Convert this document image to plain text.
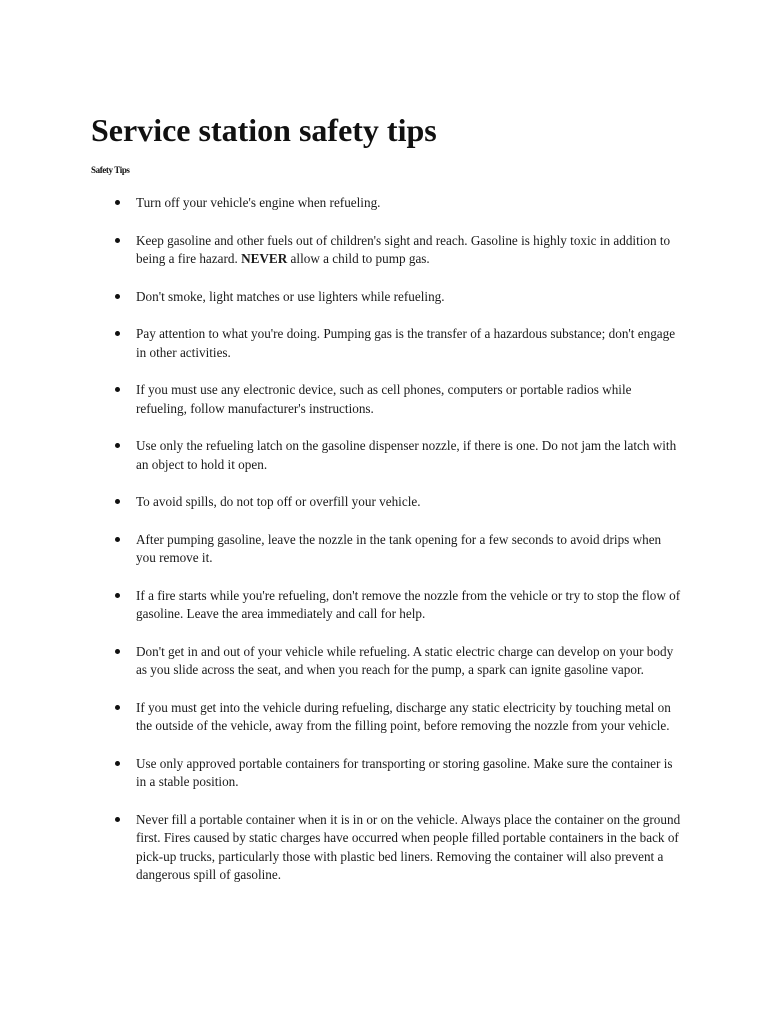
Service station safety tips
Safety Tips
Turn off your vehicle's engine when refueling.
Keep gasoline and other fuels out of children's sight and reach. Gasoline is highly toxic in addition to being a fire hazard. NEVER allow a child to pump gas.
Don't smoke, light matches or use lighters while refueling.
Pay attention to what you're doing. Pumping gas is the transfer of a hazardous substance; don't engage in other activities.
If you must use any electronic device, such as cell phones, computers or portable radios while refueling, follow manufacturer's instructions.
Use only the refueling latch on the gasoline dispenser nozzle, if there is one. Do not jam the latch with an object to hold it open.
To avoid spills, do not top off or overfill your vehicle.
After pumping gasoline, leave the nozzle in the tank opening for a few seconds to avoid drips when you remove it.
If a fire starts while you're refueling, don't remove the nozzle from the vehicle or try to stop the flow of gasoline. Leave the area immediately and call for help.
Don't get in and out of your vehicle while refueling. A static electric charge can develop on your body as you slide across the seat, and when you reach for the pump, a spark can ignite gasoline vapor.
If you must get into the vehicle during refueling, discharge any static electricity by touching metal on the outside of the vehicle, away from the filling point, before removing the nozzle from your vehicle.
Use only approved portable containers for transporting or storing gasoline. Make sure the container is in a stable position.
Never fill a portable container when it is in or on the vehicle. Always place the container on the ground first. Fires caused by static charges have occurred when people filled portable containers in the back of pick-up trucks, particularly those with plastic bed liners. Removing the container will also prevent a dangerous spill of gasoline.
